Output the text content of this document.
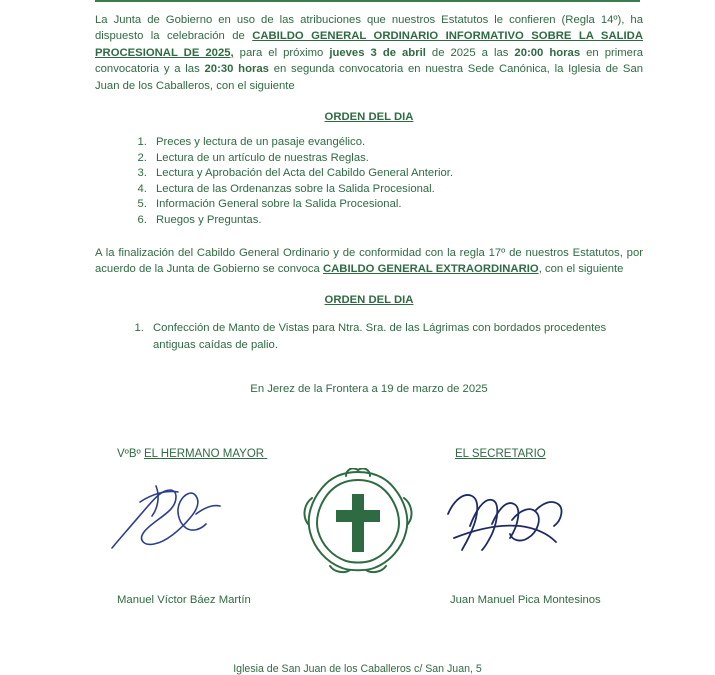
La Junta de Gobierno en uso de las atribuciones que nuestros Estatutos le confieren (Regla 14º), ha dispuesto la celebración de CABILDO GENERAL ORDINARIO INFORMATIVO SOBRE LA SALIDA PROCESIONAL DE 2025, para el próximo jueves 3 de abril de 2025 a las 20:00 horas en primera convocatoria y a las 20:30 horas en segunda convocatoria en nuestra Sede Canónica, la Iglesia de San Juan de los Caballeros, con el siguiente

ORDEN DEL DIA
1. Preces y lectura de un pasaje evangélico.
2. Lectura de un artículo de nuestras Reglas.
3. Lectura y Aprobación del Acta del Cabildo General Anterior.
4. Lectura de las Ordenanzas sobre la Salida Procesional.
5. Información General sobre la Salida Procesional.
6. Ruegos y Preguntas.

A la finalización del Cabildo General Ordinario y de conformidad con la regla 17º de nuestros Estatutos, por acuerdo de la Junta de Gobierno se convoca CABILDO GENERAL EXTRAORDINARIO, con el siguiente

ORDEN DEL DIA
1. Confección de Manto de Vistas para Ntra. Sra. de las Lágrimas con bordados procedentes antiguas caídas de palio.
En Jerez de la Frontera a 19 de marzo de 2025
VºBº EL HERMANO MAYOR	EL SECRETARIO
Manuel Víctor Báez Martín	Juan Manuel Pica Montesinos
Iglesia de San Juan de los Caballeros c/ San Juan, 5
